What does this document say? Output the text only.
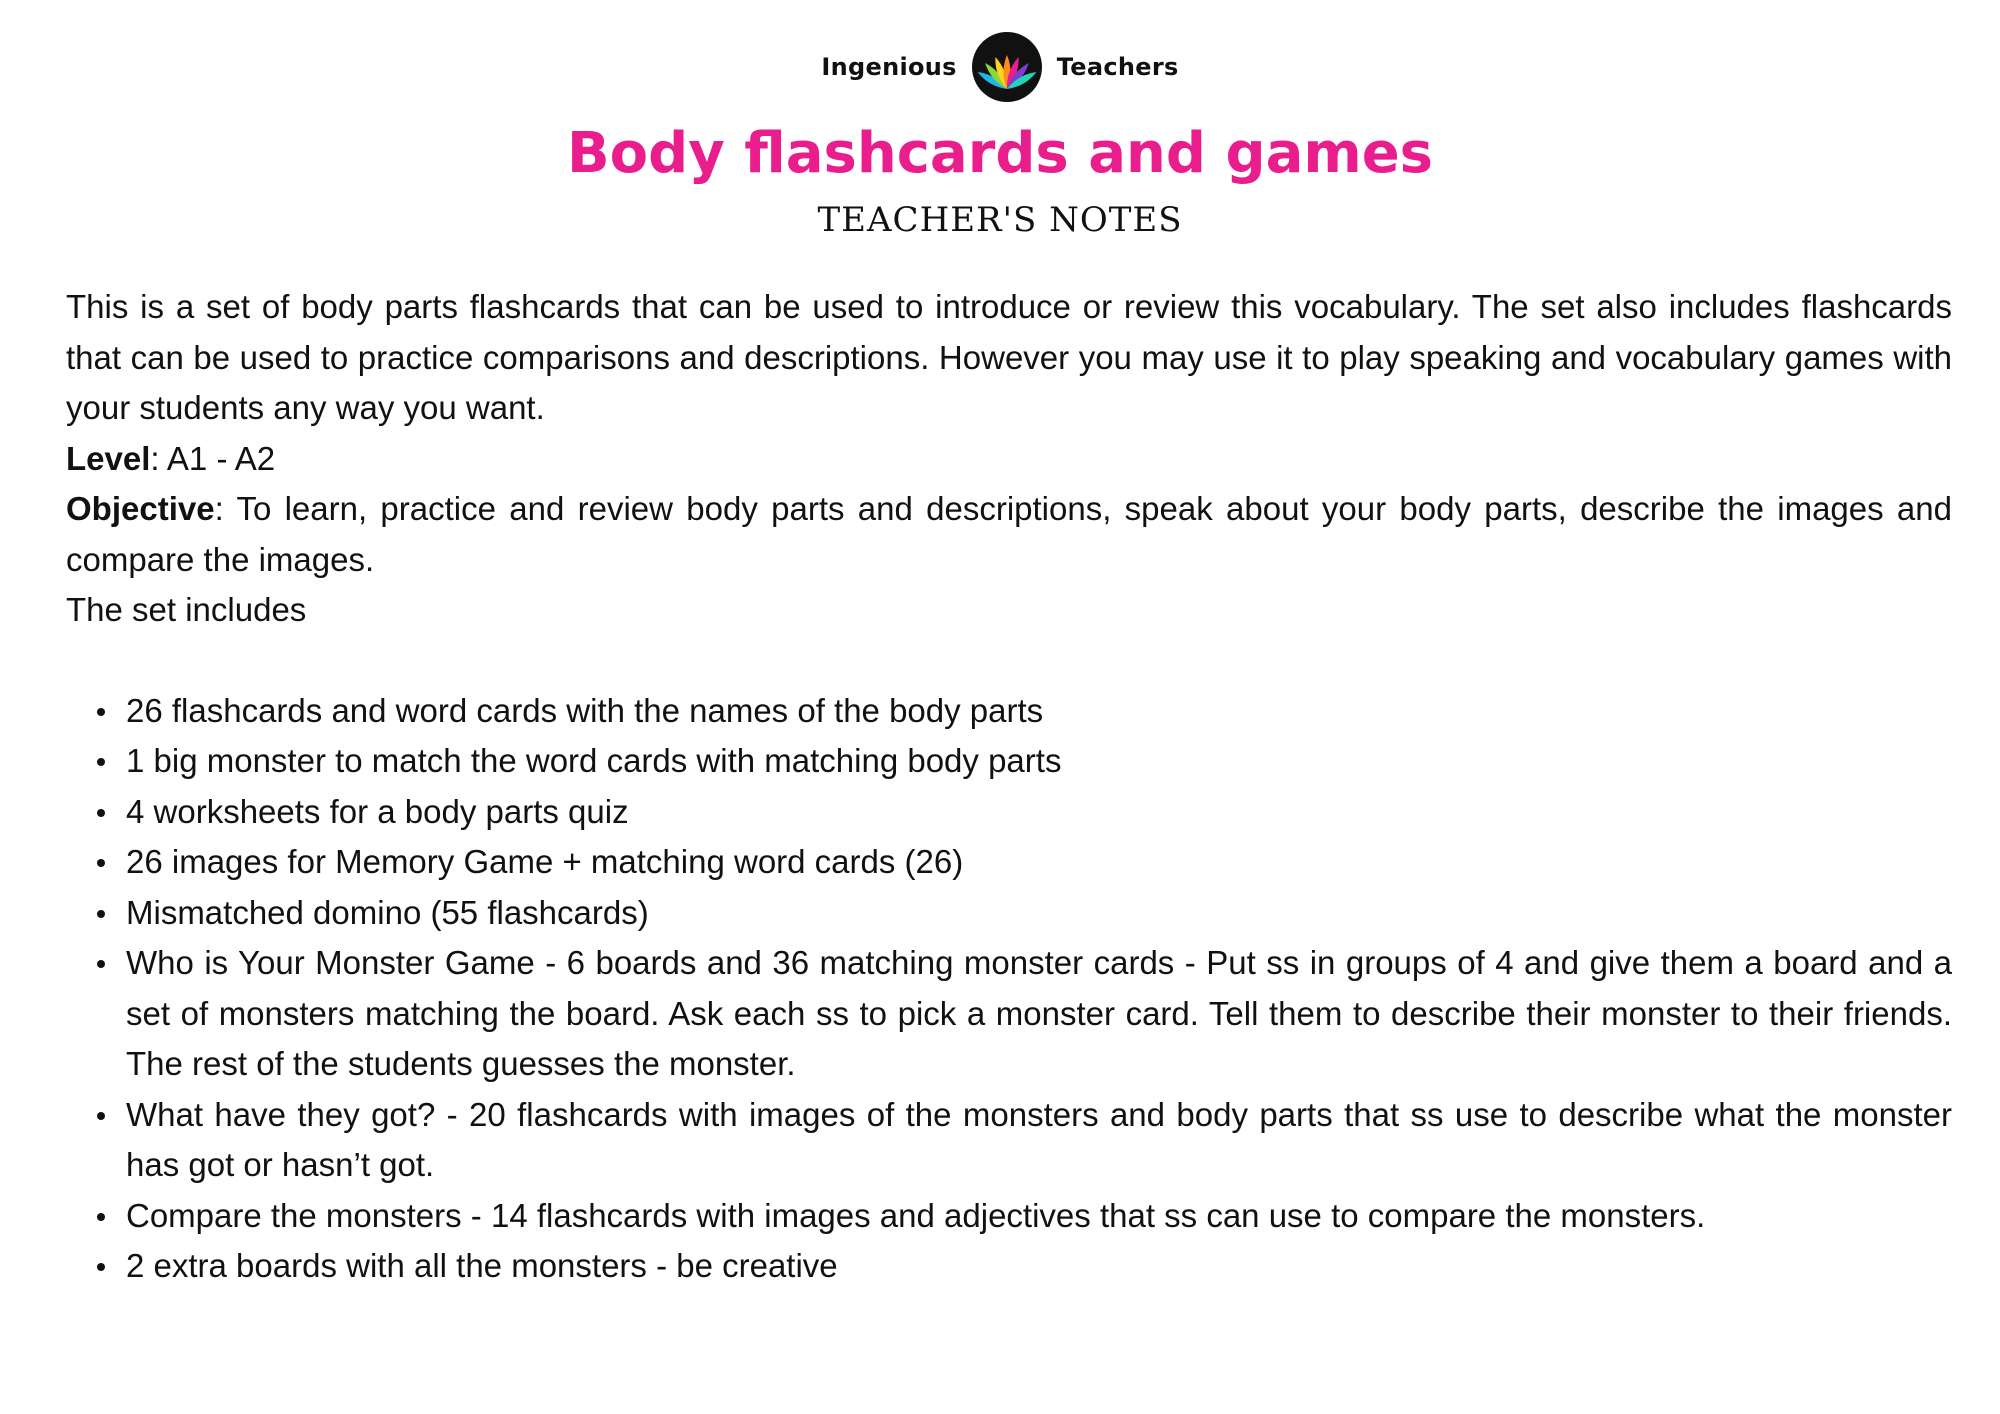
Ingenious	Teachers
Body flashcards and games
TEACHER'S NOTES

This is a set of body parts flashcards that can be used to introduce or review this vocabulary. The set also includes flashcards that can be used to practice comparisons and descriptions. However you may use it to play speaking and vocabulary games with your students any way you want.

Level: A1 - A2

Objective: To learn, practice and review body parts and descriptions, speak about your body parts, describe the images and compare the images.

The set includes

26 flashcards and word cards with the names of the body parts
1 big monster to match the word cards with matching body parts
4 worksheets for a body parts quiz
26 images for Memory Game + matching word cards (26)
Mismatched domino (55 flashcards)
Who is Your Monster Game - 6 boards and 36 matching monster cards - Put ss in groups of 4 and give them a board and a set of monsters matching the board. Ask each ss to pick a monster card. Tell them to describe their monster to their friends. The rest of the students guesses the monster.
What have they got? - 20 flashcards with images of the monsters and body parts that ss use to describe what the monster has got or hasn’t got.
Compare the monsters - 14 flashcards with images and adjectives that ss can use to compare the monsters.
2 extra boards with all the monsters - be creative
